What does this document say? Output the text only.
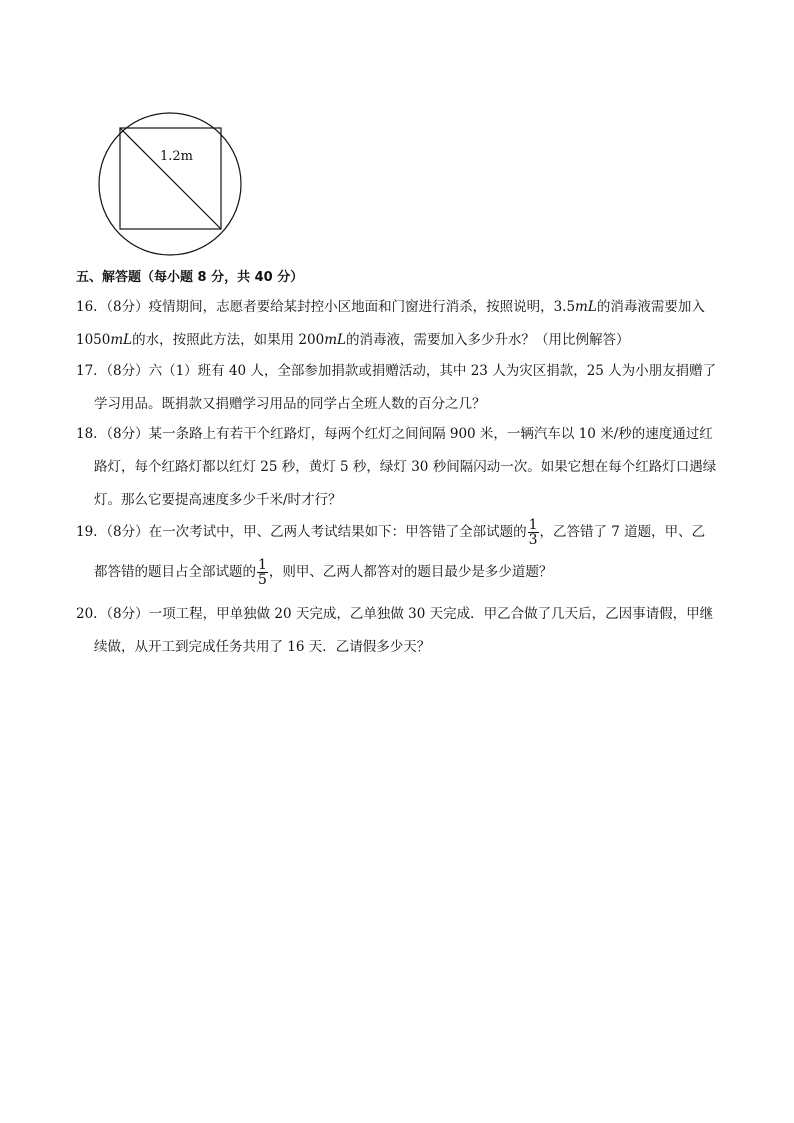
1.2m
五、解答题（每小题 8 分，共 40 分）
16. （8分）疫情期间，志愿者要给某封控小区地面和门窗进行消杀，按照说明，3.5mL的消毒液需要加入
1050mL的水，按照此方法，如果用 200mL的消毒液，需要加入多少升水？（用比例解答）
17. （8分）六（1）班有 40 人，全部参加捐款或捐赠活动，其中 23 人为灾区捐款，25 人为小朋友捐赠了
学习用品。既捐款又捐赠学习用品的同学占全班人数的百分之几？
18. （8分）某一条路上有若干个红路灯，每两个红灯之间间隔 900 米，一辆汽车以 10 米/秒的速度通过红
路灯，每个红路灯都以红灯 25 秒，黄灯 5 秒，绿灯 30 秒间隔闪动一次。如果它想在每个红路灯口遇绿
灯。那么它要提高速度多少千米/时才行？
19. （8分）在一次考试中，甲、乙两人考试结果如下：甲答错了全部试题的 $\frac{1}{3}$ ，乙答错了 7 道题，甲、乙
都答错的题目占全部试题的 $\frac{1}{5}$ ，则甲、乙两人都答对的题目最少是多少道题？
20. （8分）一项工程，甲单独做 20 天完成，乙单独做 30 天完成．甲乙合做了几天后，乙因事请假，甲继
续做，从开工到完成任务共用了 16 天．乙请假多少天？
